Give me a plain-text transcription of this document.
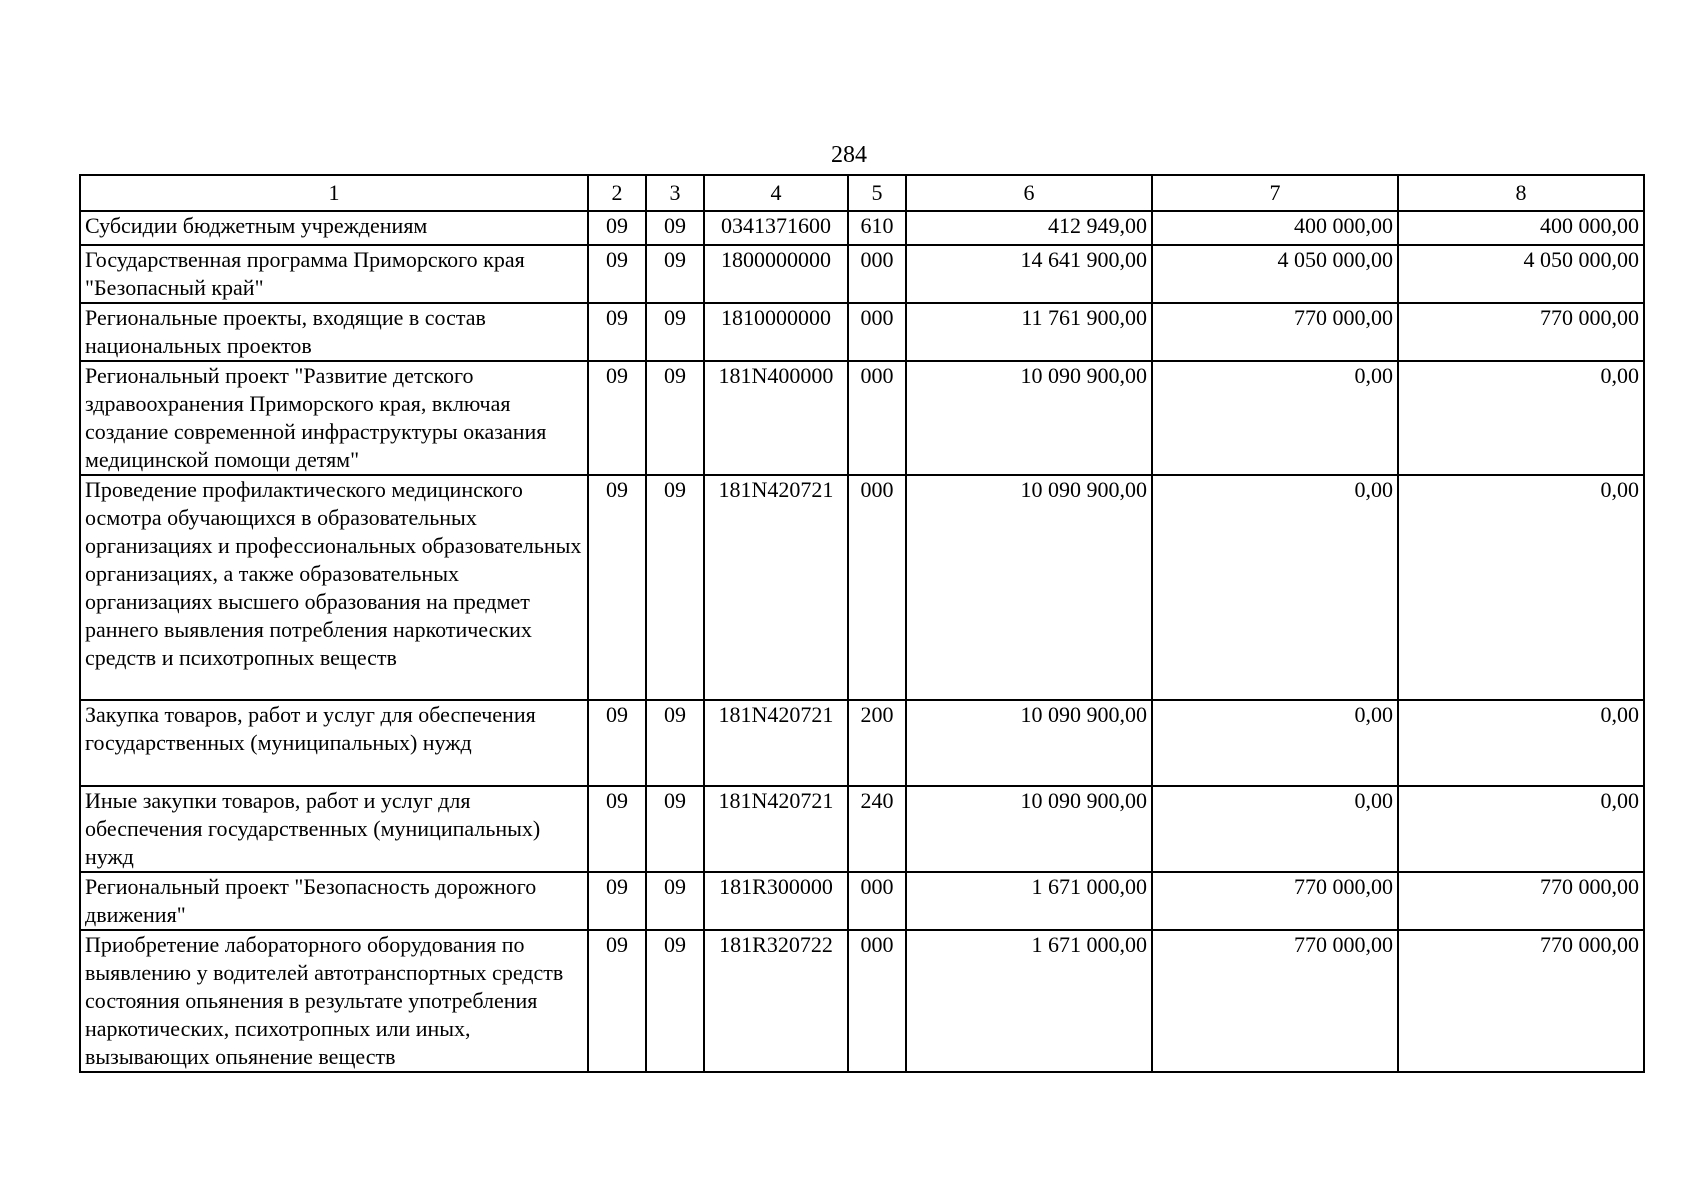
284
1	2	3	4	5	6	7	8
Субсидии бюджетным учреждениям	09	09	0341371600	610	412 949,00	400 000,00	400 000,00
Государственная программа Приморского края "Безопасный край"	09	09	1800000000	000	14 641 900,00	4 050 000,00	4 050 000,00
Региональные проекты, входящие в состав национальных проектов	09	09	1810000000	000	11 761 900,00	770 000,00	770 000,00
Региональный проект "Развитие детского здравоохранения Приморского края, включая создание современной инфраструктуры оказания медицинской помощи детям"	09	09	181N400000	000	10 090 900,00	0,00	0,00
Проведение профилактического медицинского осмотра обучающихся в образовательных организациях и профессиональных образовательных организациях, а также образовательных организациях высшего образования на предмет раннего выявления потребления наркотических средств и психотропных веществ	09	09	181N420721	000	10 090 900,00	0,00	0,00
Закупка товаров, работ и услуг для обеспечения государственных (муниципальных) нужд	09	09	181N420721	200	10 090 900,00	0,00	0,00
Иные закупки товаров, работ и услуг для обеспечения государственных (муниципальных) нужд	09	09	181N420721	240	10 090 900,00	0,00	0,00
Региональный проект "Безопасность дорожного движения"	09	09	181R300000	000	1 671 000,00	770 000,00	770 000,00
Приобретение лабораторного оборудования по выявлению у водителей автотранспортных средств состояния опьянения в результате употребления наркотических, психотропных или иных, вызывающих опьянение веществ	09	09	181R320722	000	1 671 000,00	770 000,00	770 000,00
